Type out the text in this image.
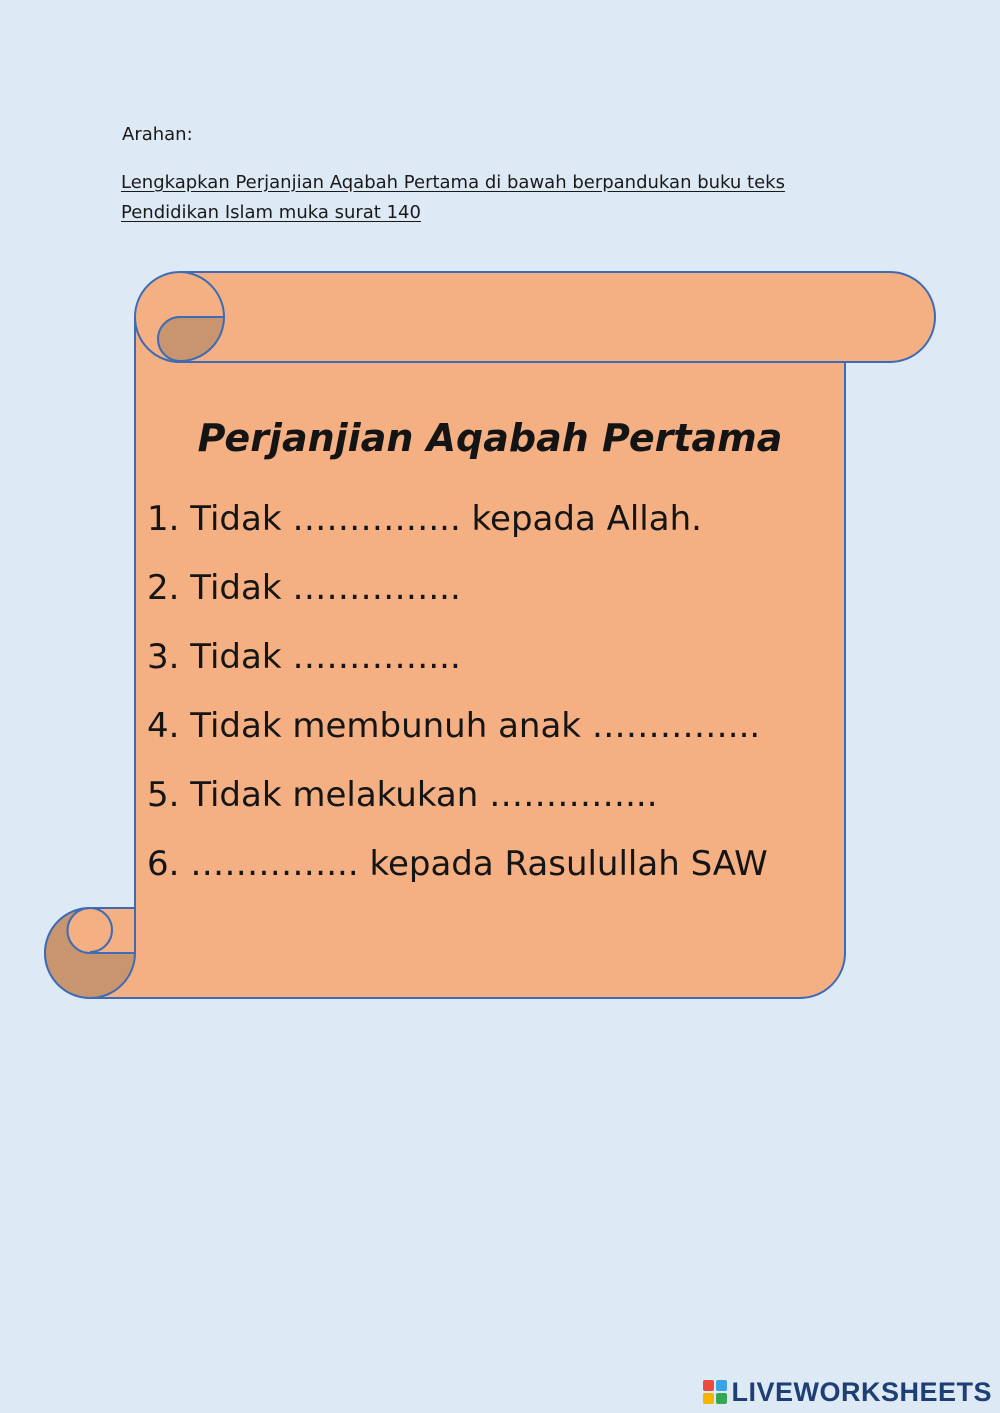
Arahan:
Lengkapkan Perjanjian Aqabah Pertama di bawah berpandukan buku teks
Pendidikan Islam muka surat 140
Perjanjian Aqabah Pertama
1. Tidak …………... kepada Allah.
2. Tidak …………...
3. Tidak …………...
4. Tidak membunuh anak …………...
5. Tidak melakukan …………...
6. …………... kepada Rasulullah SAW
LIVEWORKSHEETS
